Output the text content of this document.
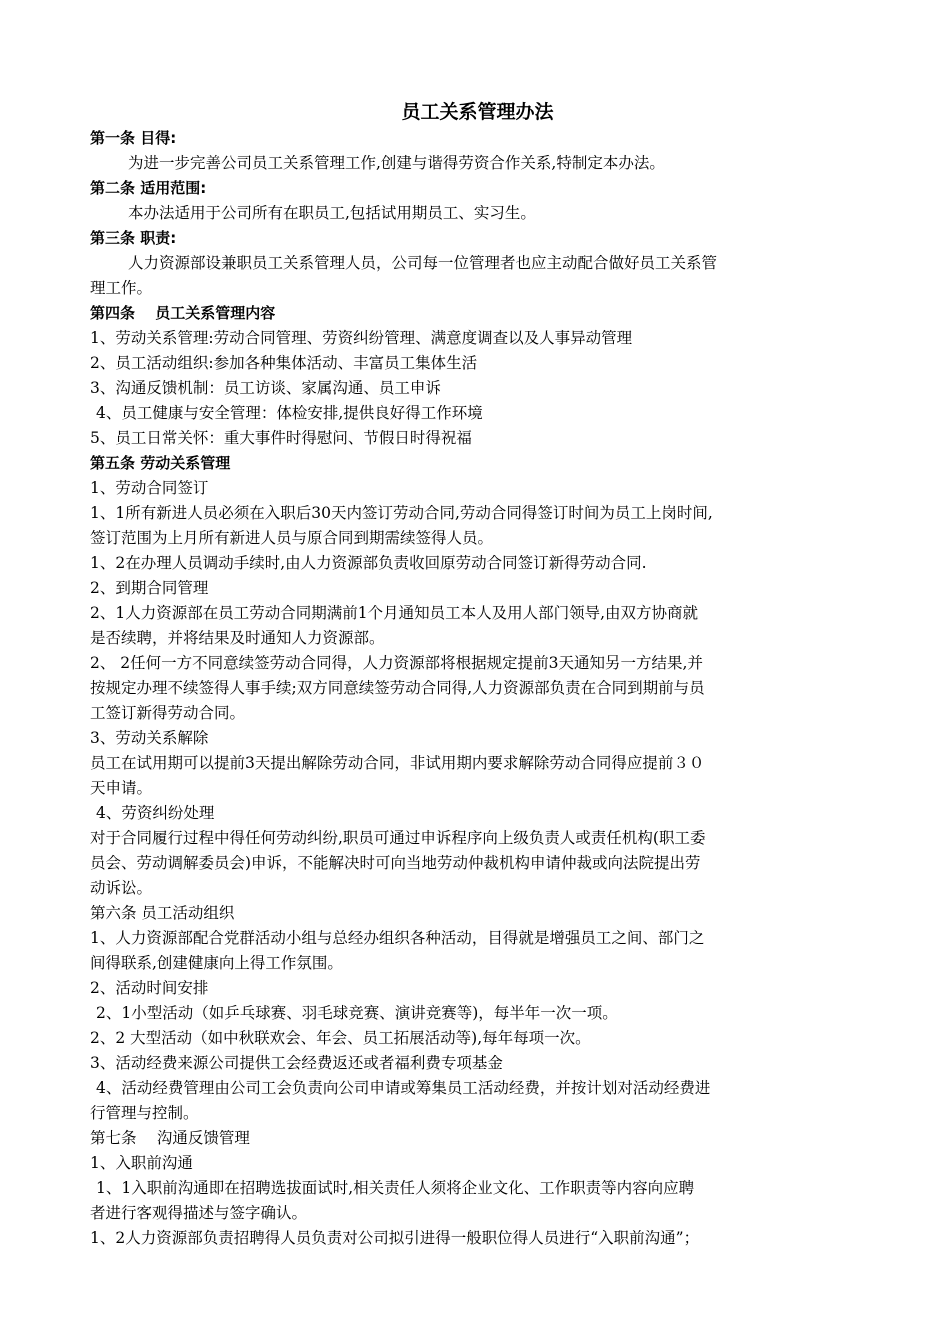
员工关系管理办法
第一条 目得:
为进一步完善公司员工关系管理工作,创建与谐得劳资合作关系,特制定本办法。
第二条 适用范围:
本办法适用于公司所有在职员工,包括试用期员工、实习生。
第三条 职责:
人力资源部设兼职员工关系管理人员，公司每一位管理者也应主动配合做好员工关系管
理工作。
第四条　 员工关系管理内容
1、劳动关系管理:劳动合同管理、劳资纠纷管理、满意度调查以及人事异动管理
2、员工活动组织:参加各种集体活动、丰富员工集体生活
3、沟通反馈机制：员工访谈、家属沟通、员工申诉
4、员工健康与安全管理：体检安排,提供良好得工作环境
5、员工日常关怀：重大事件时得慰问、节假日时得祝福
第五条 劳动关系管理
1、劳动合同签订
1、1所有新进人员必须在入职后30天内签订劳动合同,劳动合同得签订时间为员工上岗时间,
签订范围为上月所有新进人员与原合同到期需续签得人员。
1、2在办理人员调动手续时,由人力资源部负责收回原劳动合同签订新得劳动合同.
2、到期合同管理
2、1人力资源部在员工劳动合同期满前1个月通知员工本人及用人部门领导,由双方协商就
是否续聘，并将结果及时通知人力资源部。
2、 2任何一方不同意续签劳动合同得，人力资源部将根据规定提前3天通知另一方结果,并
按规定办理不续签得人事手续;双方同意续签劳动合同得,人力资源部负责在合同到期前与员
工签订新得劳动合同。
3、劳动关系解除
员工在试用期可以提前3天提出解除劳动合同，非试用期内要求解除劳动合同得应提前３０
天申请。
4、劳资纠纷处理
对于合同履行过程中得任何劳动纠纷,职员可通过申诉程序向上级负责人或责任机构(职工委
员会、劳动调解委员会)申诉，不能解决时可向当地劳动仲裁机构申请仲裁或向法院提出劳
动诉讼。
第六条 员工活动组织
1、人力资源部配合党群活动小组与总经办组织各种活动，目得就是增强员工之间、部门之
间得联系,创建健康向上得工作氛围。
2、活动时间安排
2、1小型活动（如乒乓球赛、羽毛球竞赛、演讲竞赛等)，每半年一次一项。
2、2 大型活动（如中秋联欢会、年会、员工拓展活动等),每年每项一次。
3、活动经费来源公司提供工会经费返还或者福利费专项基金
4、活动经费管理由公司工会负责向公司申请或筹集员工活动经费，并按计划对活动经费进
行管理与控制。
第七条 　沟通反馈管理
1、入职前沟通
1、1入职前沟通即在招聘选拔面试时,相关责任人须将企业文化、工作职责等内容向应聘
者进行客观得描述与签字确认。
1、2人力资源部负责招聘得人员负责对公司拟引进得一般职位得人员进行“入职前沟通”；
